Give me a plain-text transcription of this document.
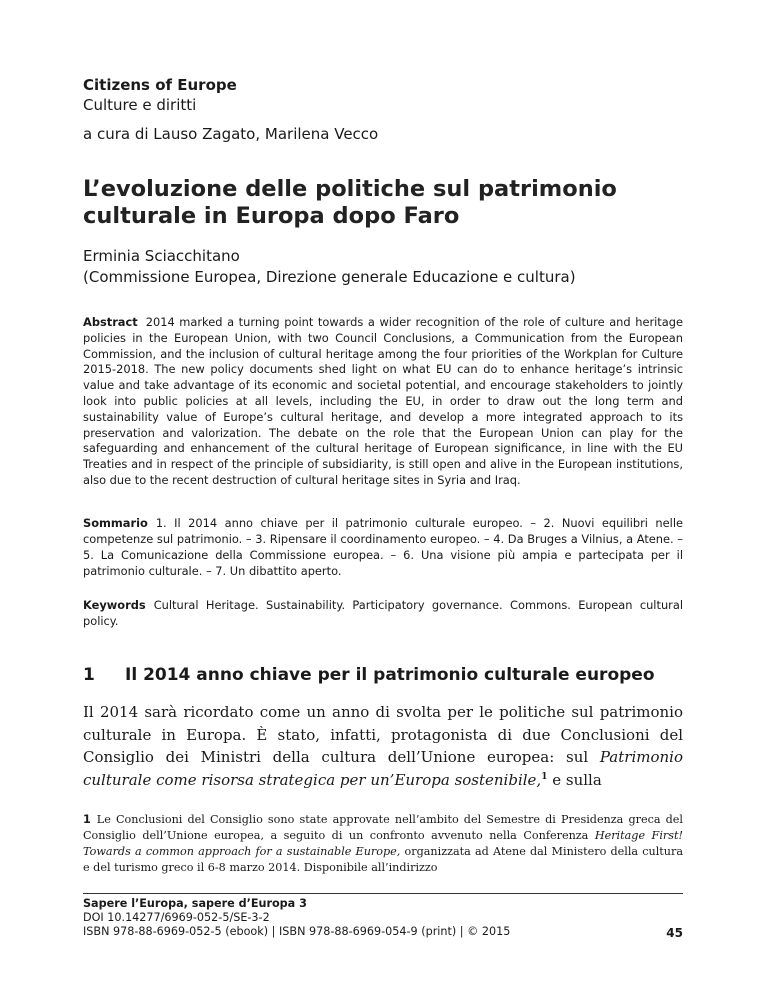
Citizens of Europe
Culture e diritti
a cura di Lauso Zagato, Marilena Vecco
L’evoluzione delle politiche sul patrimonio culturale in Europa dopo Faro
Erminia Sciacchitano
(Commissione Europea, Direzione generale Educazione e cultura)

Abstract 2014 marked a turning point towards a wider recognition of the role of culture and heritage policies in the European Union, with two Council Conclusions, a Communication from the European Commission, and the inclusion of cultural heritage among the four priorities of the Workplan for Culture 2015-2018. The new policy documents shed light on what EU can do to enhance heritage’s intrinsic value and take advantage of its economic and societal potential, and encourage stakeholders to jointly look into public policies at all levels, including the EU, in order to draw out the long term and sustainability value of Europe’s cultural heritage, and develop a more integrated approach to its preservation and valorization. The debate on the role that the European Union can play for the safeguarding and enhancement of the cultural heritage of European significance, in line with the EU Treaties and in respect of the principle of subsidiarity, is still open and alive in the European institutions, also due to the recent destruction of cultural heritage sites in Syria and Iraq.

Sommario 1. Il 2014 anno chiave per il patrimonio culturale europeo. – 2. Nuovi equilibri nelle competenze sul patrimonio. – 3. Ripensare il coordinamento europeo. – 4. Da Bruges a Vilnius, a Atene. – 5. La Comunicazione della Commissione europea. – 6. Una visione più ampia e partecipata per il patrimonio culturale. – 7. Un dibattito aperto.

Keywords Cultural Heritage. Sustainability. Participatory governance. Commons. European cultural policy.

1 Il 2014 anno chiave per il patrimonio culturale europeo

Il 2014 sarà ricordato come un anno di svolta per le politiche sul patrimonio culturale in Europa. È stato, infatti, protagonista di due Conclusioni del Consiglio dei Ministri della cultura dell’Unione europea: sul Patrimonio culturale come risorsa strategica per un’Europa sostenibile,$^1$ e sulla

1 Le Conclusioni del Consiglio sono state approvate nell’ambito del Semestre di Presidenza greca del Consiglio dell’Unione europea, a seguito di un confronto avvenuto nella Conferenza Heritage First! Towards a common approach for a sustainable Europe, organizzata ad Atene dal Ministero della cultura e del turismo greco il 6-8 marzo 2014. Disponibile all’indirizzo

Sapere l’Europa, sapere d’Europa 3
DOI 10.14277/6969-052-5/SE-3-2
ISBN 978-88-6969-052-5 (ebook) | ISBN 978-88-6969-054-9 (print) | © 2015	45
